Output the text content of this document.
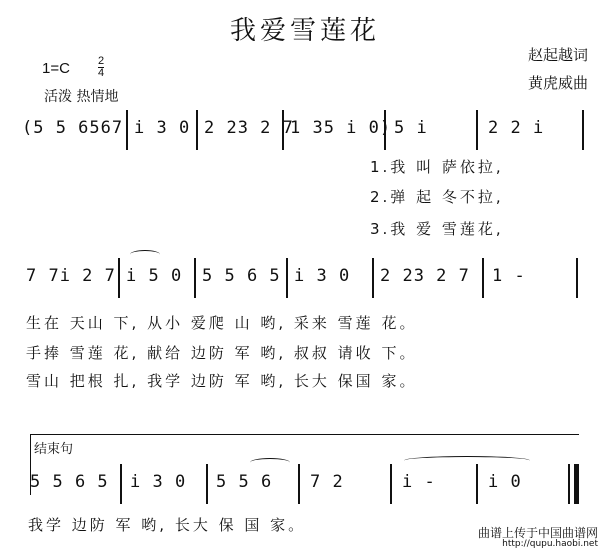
我爱雪莲花
赵起越词
黄虎威曲
1=C	$\frac{2}{4}$
活泼 热情地
(5 5 6567 i 3 0 2 23 2 7
1 35 i 0) 5 i	2 2 i
1.我 叫 萨依拉,
2.弹 起 冬不拉,
3.我 爱 雪莲花,
7 7i 2 7 i 5 0 5 5 6 5 i 3 0 2 23 2 7 1 -
生在 天山 下, 从小 爱爬 山 哟, 采来 雪莲 花。
手捧 雪莲 花, 献给 边防 军 哟, 叔叔 请收 下。
雪山 把根 扎, 我学 边防 军 哟, 长大 保国 家。
结束句
5 5 6 5 i 3 0 5 5 6 7 2	i -	i 0
我学 边防 军 哟, 长大 保 国 家。	曲谱上传于中国曲谱网
http://qupu.haobi.net
